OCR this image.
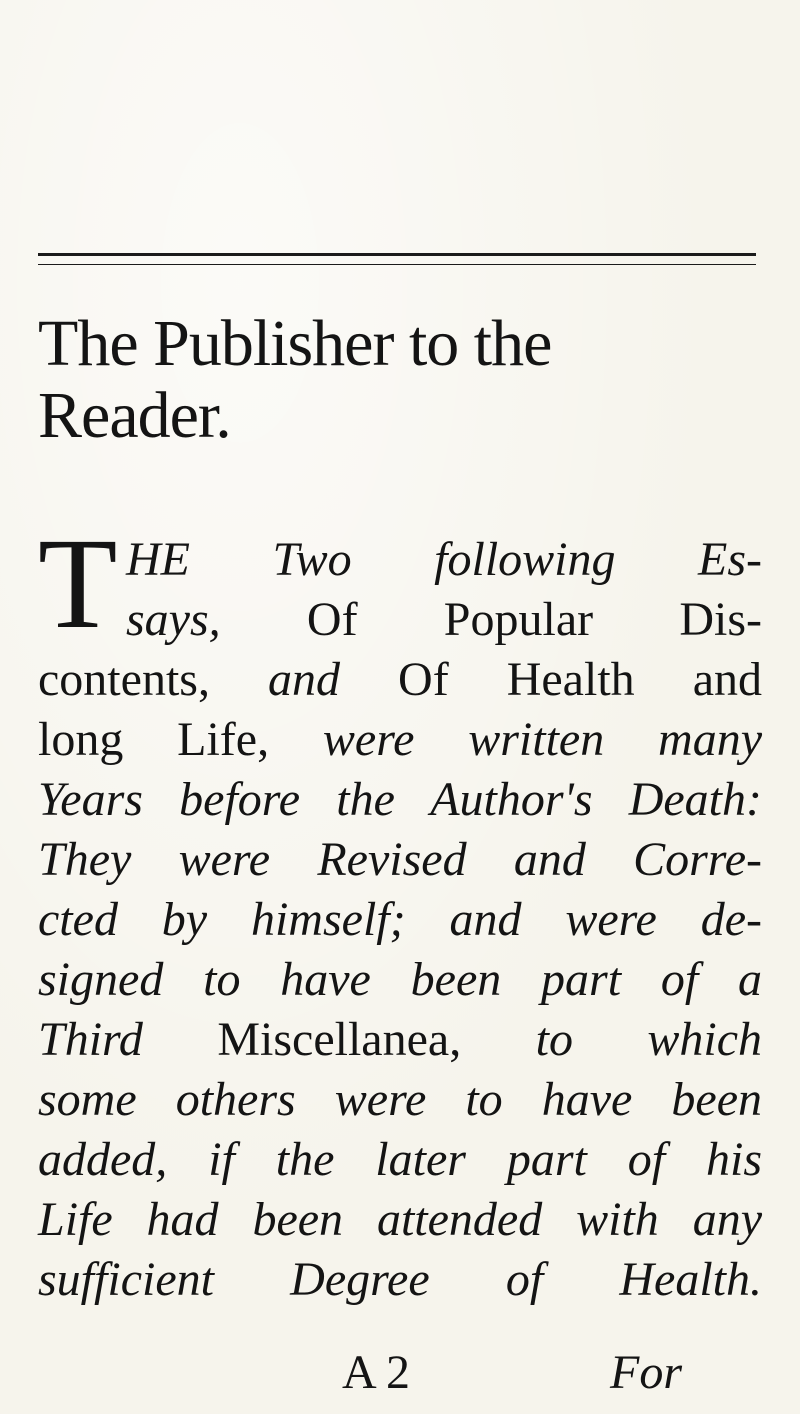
The Publisher to the
Reader.
T HE Two following Es-
says, Of Popular Dis-
contents, and Of Health and
long Life, were written many
Years before the Author's Death:
They were Revised and Corre-
cted by himself; and were de-
signed to have been part of a
Third Miscellanea, to which
some others were to have been
added, if the later part of his
Life had been attended with any
sufficient Degree of Health.
A 2	For
